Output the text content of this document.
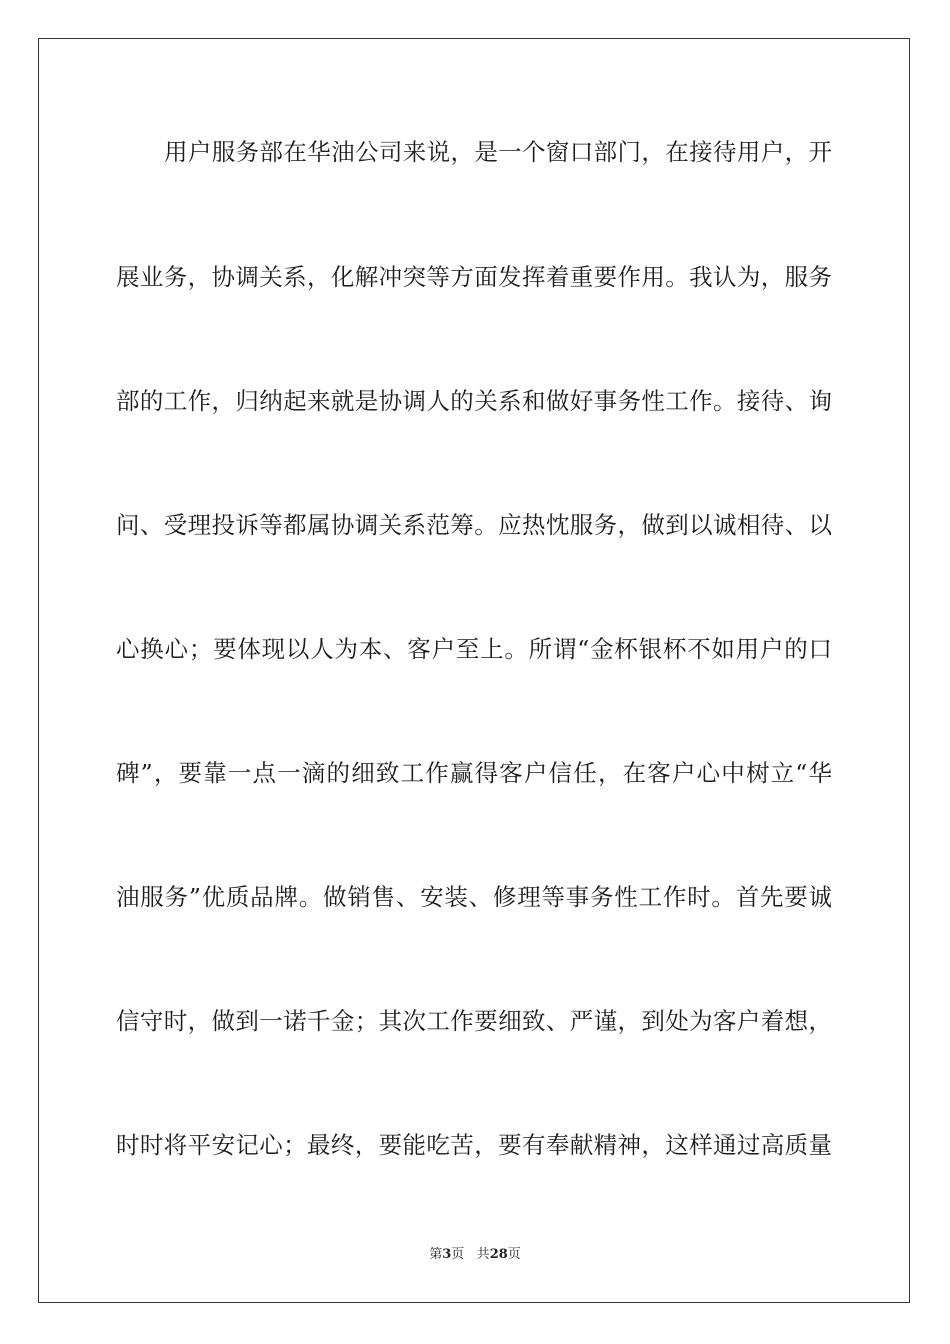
用户服务部在华油公司来说，是一个窗口部门，在接待用户，开
展业务，协调关系，化解冲突等方面发挥着重要作用。我认为，服务
部的工作，归纳起来就是协调人的关系和做好事务性工作。接待、询
问、受理投诉等都属协调关系范筹。应热忱服务，做到以诚相待、以
心换心；要体现以人为本、客户至上。所谓“金杯银杯不如用户的口
碑”，要靠一点一滴的细致工作赢得客户信任，在客户心中树立“华
油服务”优质品牌。做销售、安装、修理等事务性工作时。首先要诚
信守时，做到一诺千金；其次工作要细致、严谨，到处为客户着想，
时时将平安记心；最终，要能吃苦，要有奉献精神，这样通过高质量
第3页 共28页
